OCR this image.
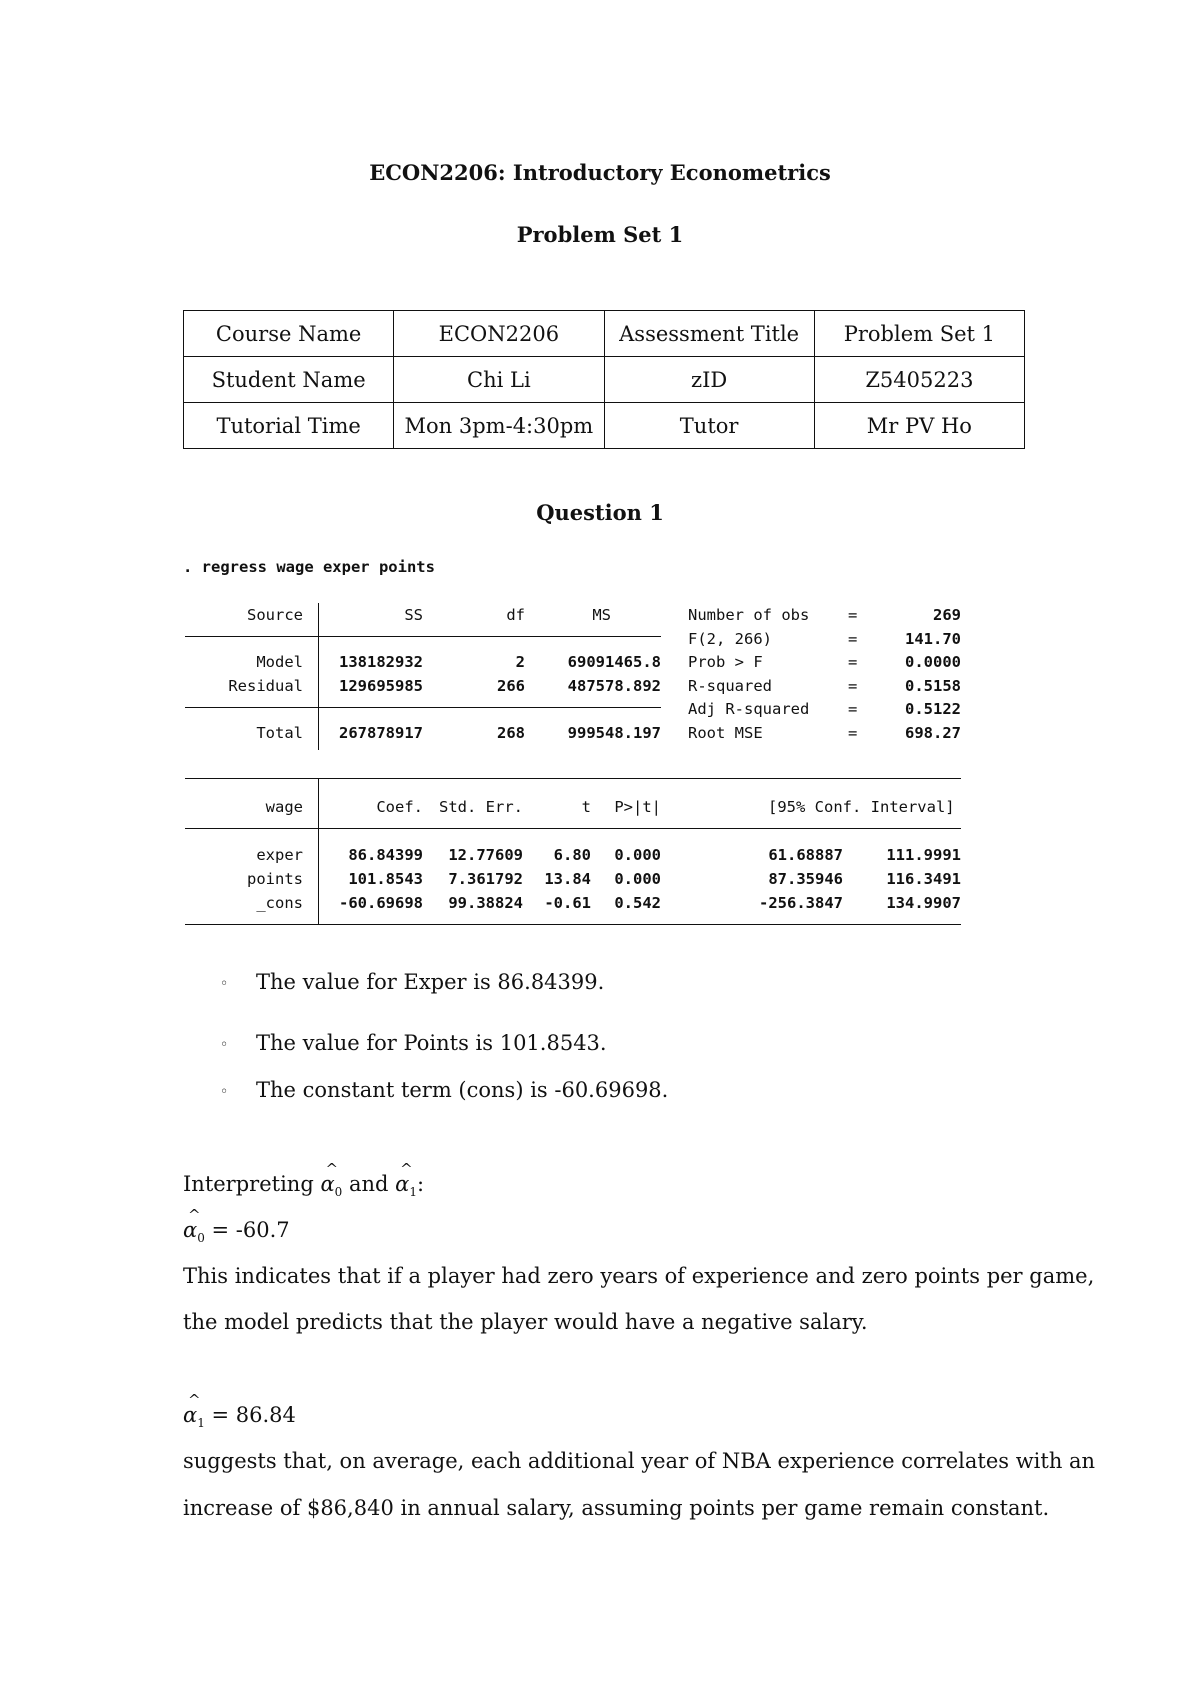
ECON2206: Introductory Econometrics
Problem Set 1
Course Name	ECON2206	Assessment Title	Problem Set 1
Student Name	Chi Li	zID	Z5405223
Tutorial Time	Mon 3pm-4:30pm	Tutor	Mr PV Ho
Question 1
. regress wage exper points
Source	SS	df	MS
Model	138182932	2	69091465.8
Residual	129695985	266	487578.892
Total	267878917	268	999548.197
Number of obs =	269
F(2, 266)	=	141.70
Prob > F	=	0.0000
R-squared	=	0.5158
Adj R-squared =	0.5122
Root MSE	=	698.27
wage	Coef.	Std. Err.	t	P>|t|	[95% Conf. Interval]
exper	86.84399	12.77609	6.80	0.000	61.68887	111.9991
points	101.8543	7.361792	13.84	0.000	87.35946	116.3491
_cons	-60.69698	99.38824	-0.61	0.542	-256.3847	134.9907
◦ The value for Exper is 86.84399.
◦ The value for Points is 101.8543.
◦ The constant term (cons) is -60.69698.
Interpreting ^ $\alpha_0$ and ^ $\alpha_1$:
^ $\alpha_0 = -60.7$
This indicates that if a player had zero years of experience and zero points per game,
the model predicts that the player would have a negative salary.
^ $\alpha_1 = 86.84$
suggests that, on average, each additional year of NBA experience correlates with an
increase of $86,840 in annual salary, assuming points per game remain constant.
